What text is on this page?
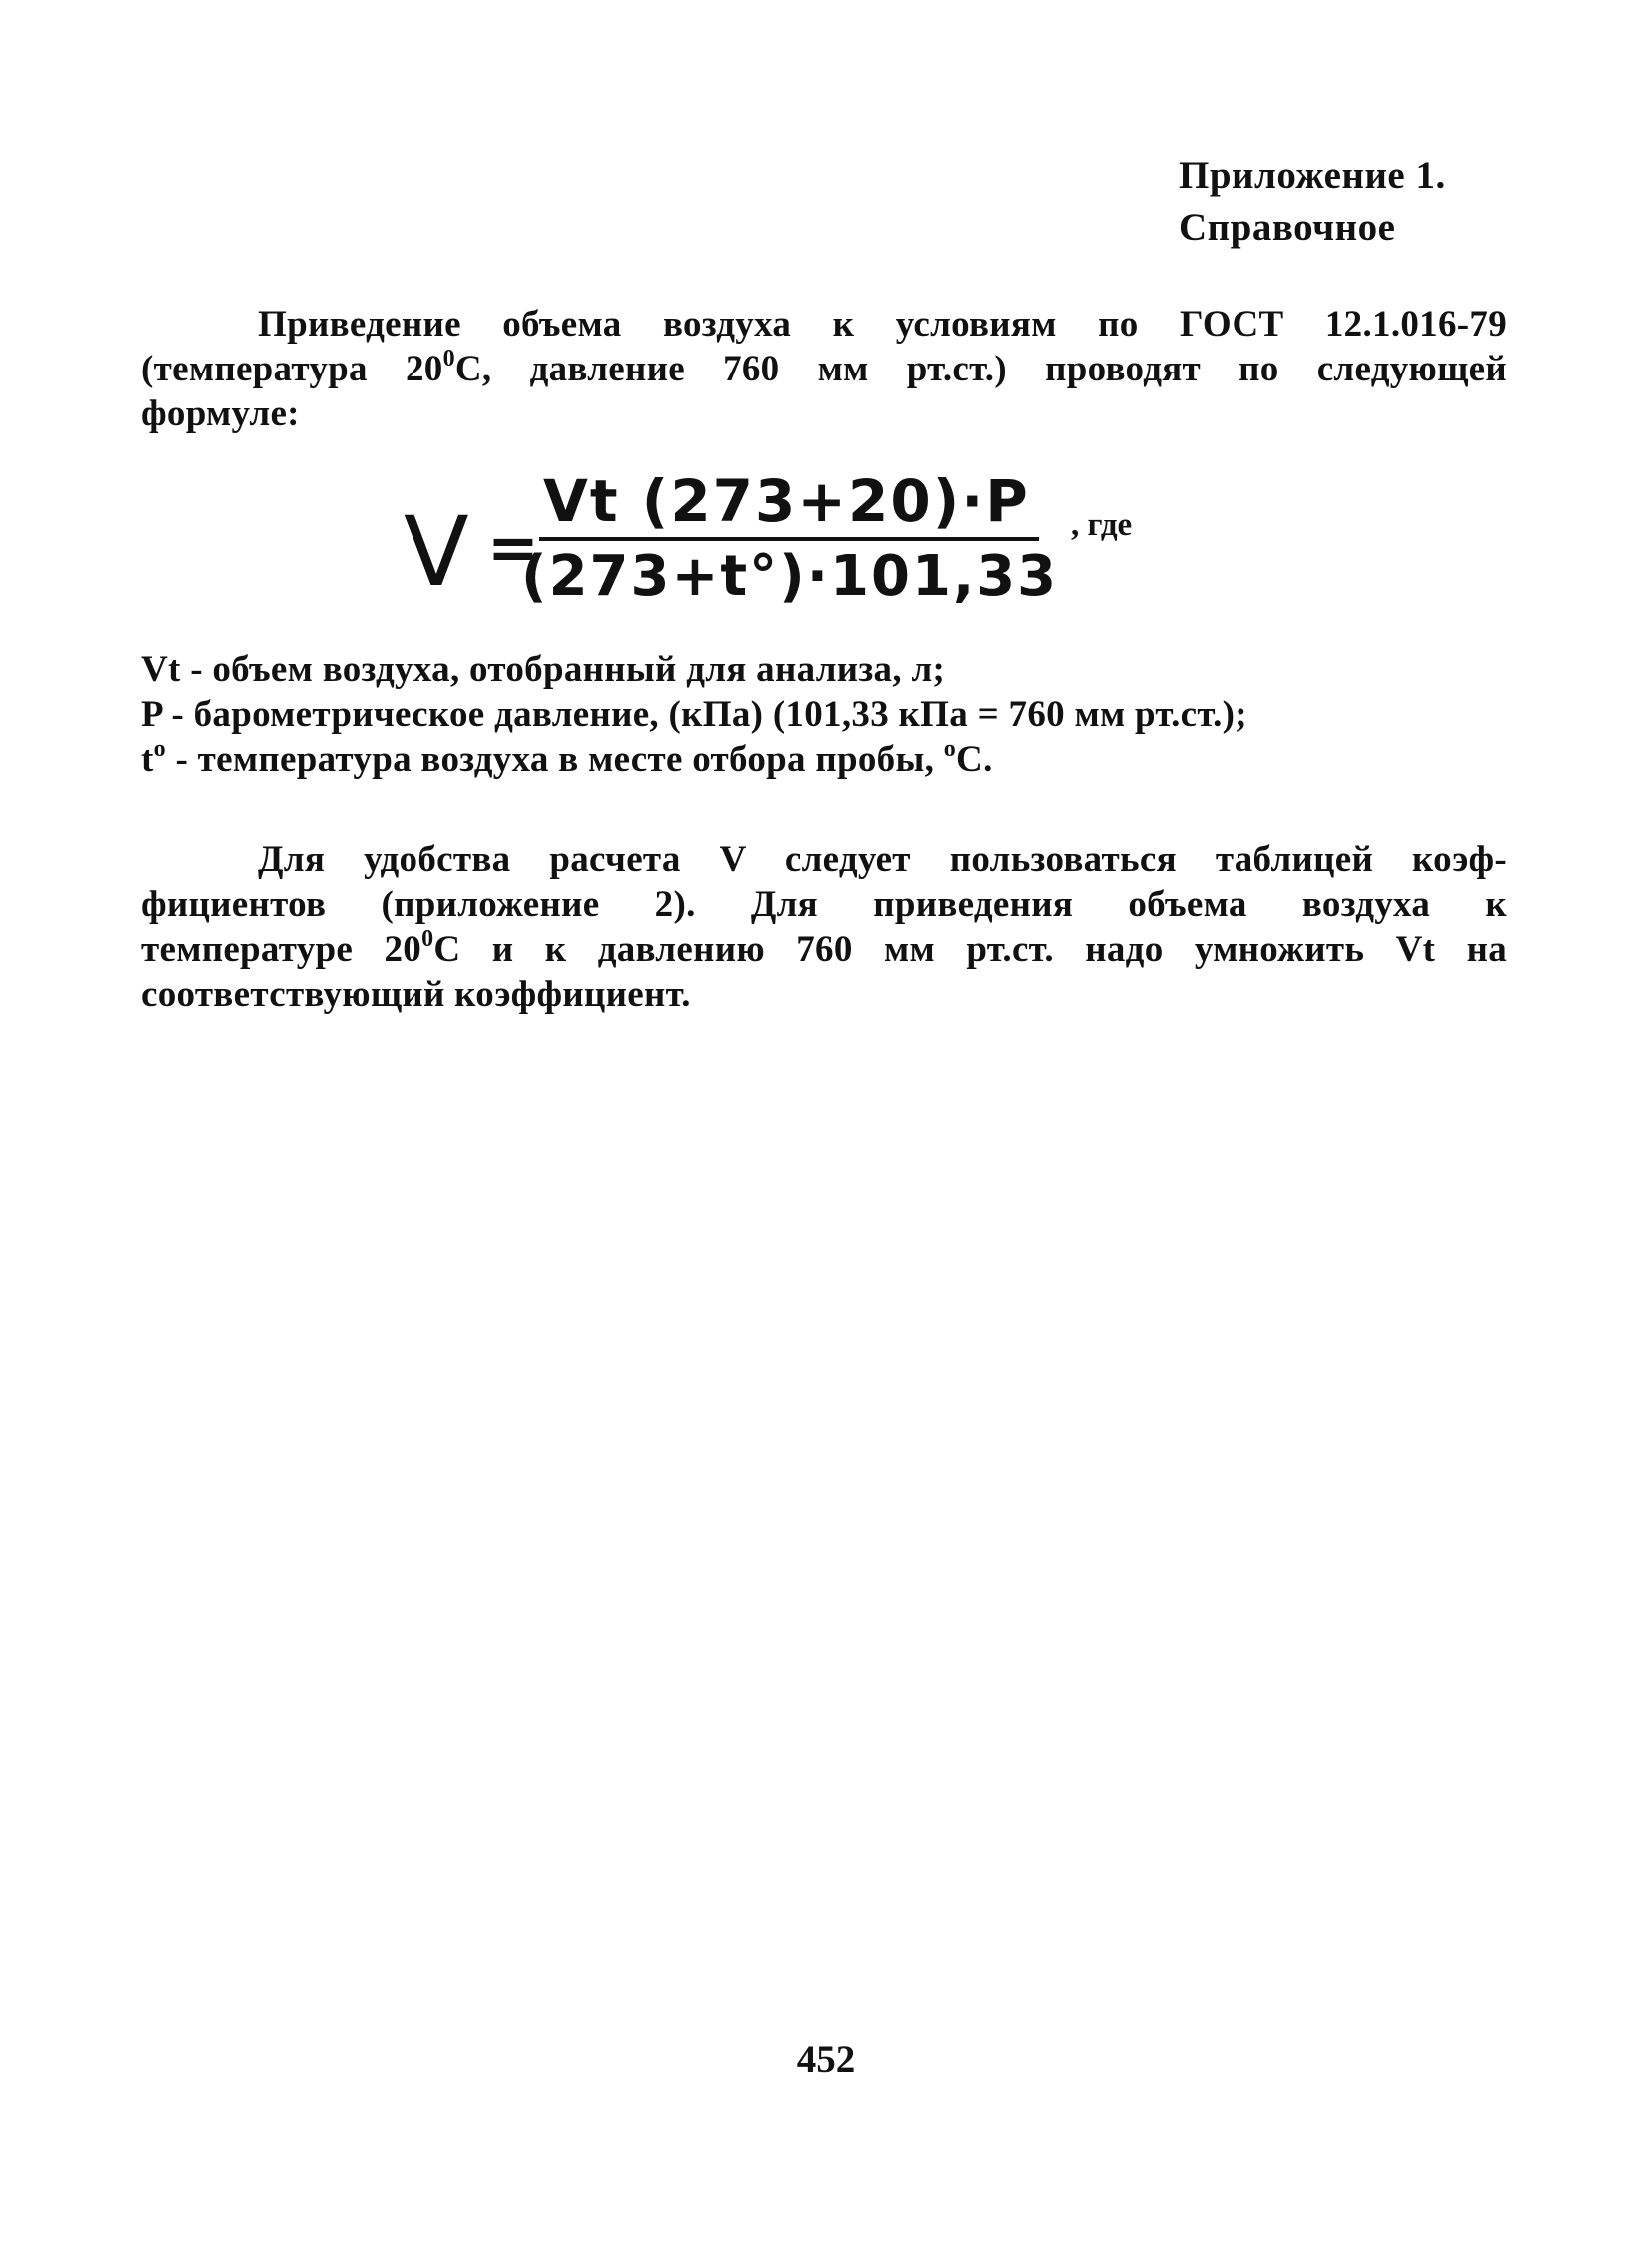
Приложение 1.
Справочное
Приведение объема воздуха к условиям по ГОСТ 12.1.016-79
(температура $20^0С$, давление 760 мм рт.ст.) проводят по следующей
формуле:
V =
Vt (273+20)·P
(273+t°)·101,33
, где
Vt - объем воздуха, отобранный для анализа, л;
P - барометрическое давление, (кПа) (101,33 кПа = 760 мм рт.ст.);
$t^o$ - температура воздуха в месте отбора пробы, $^o$С.
Для удобства расчета V следует пользоваться таблицей коэф-
фициентов (приложение 2). Для приведения объема воздуха к
температуре $20^0С$ и к давлению 760 мм рт.ст. надо умножить Vt на
соответствующий коэффициент.
452
